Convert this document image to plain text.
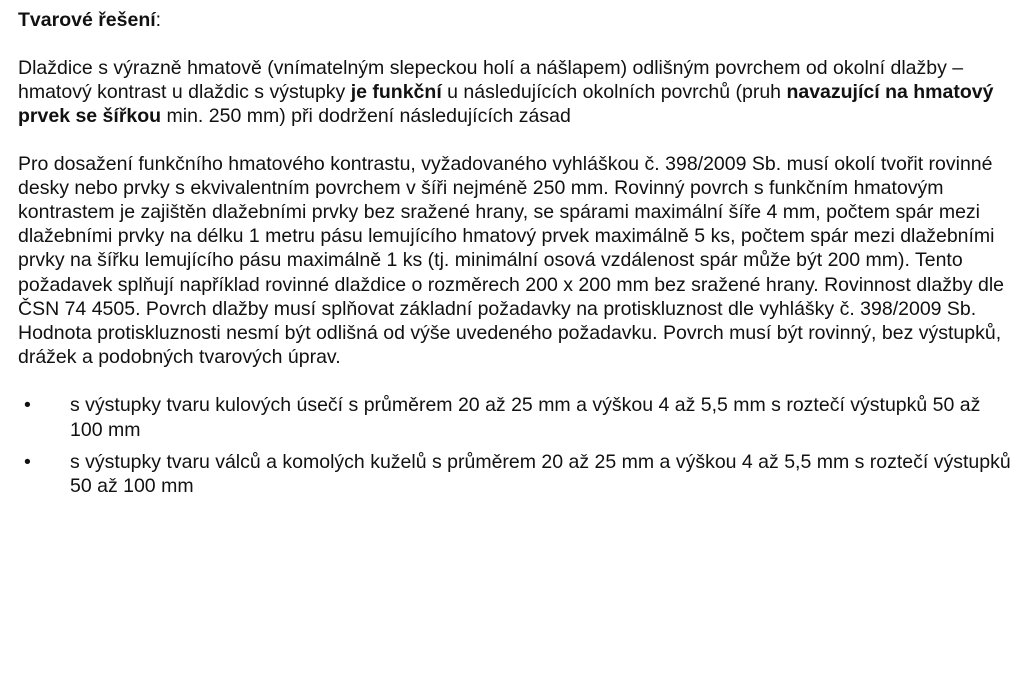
Tvarové řešení:

Dlaždice s výrazně hmatově (vnímatelným slepeckou holí a nášlapem) odlišným povrchem od okolní dlažby – hmatový kontrast u dlaždic s výstupky je funkční u následujících okolních povrchů (pruh navazující na hmatový prvek se šířkou min. 250 mm) při dodržení následujících zásad

Pro dosažení funkčního hmatového kontrastu, vyžadovaného vyhláškou č. 398/2009 Sb. musí okolí tvořit rovinné desky nebo prvky s ekvivalentním povrchem v šíři nejméně 250 mm. Rovinný povrch s funkčním hmatovým kontrastem je zajištěn dlažebními prvky bez sražené hrany, se spárami maximální šíře 4 mm, počtem spár mezi dlažebními prvky na délku 1 metru pásu lemujícího hmatový prvek maximálně 5 ks, počtem spár mezi dlažebními prvky na šířku lemujícího pásu maximálně 1 ks (tj. minimální osová vzdálenost spár může být 200 mm). Tento požadavek splňují například rovinné dlaždice o rozměrech 200 x 200 mm bez sražené hrany. Rovinnost dlažby dle ČSN 74 4505. Povrch dlažby musí splňovat základní požadavky na protiskluznost dle vyhlášky č. 398/2009 Sb. Hodnota protiskluznosti nesmí být odlišná od výše uvedeného požadavku. Povrch musí být rovinný, bez výstupků, drážek a podobných tvarových úprav.

• s výstupky tvaru kulových úsečí s průměrem 20 až 25 mm a výškou 4 až 5,5 mm s roztečí výstupků 50 až 100 mm
• s výstupky tvaru válců a komolých kuželů s průměrem 20 až 25 mm a výškou 4 až 5,5 mm s roztečí výstupků 50 až 100 mm
